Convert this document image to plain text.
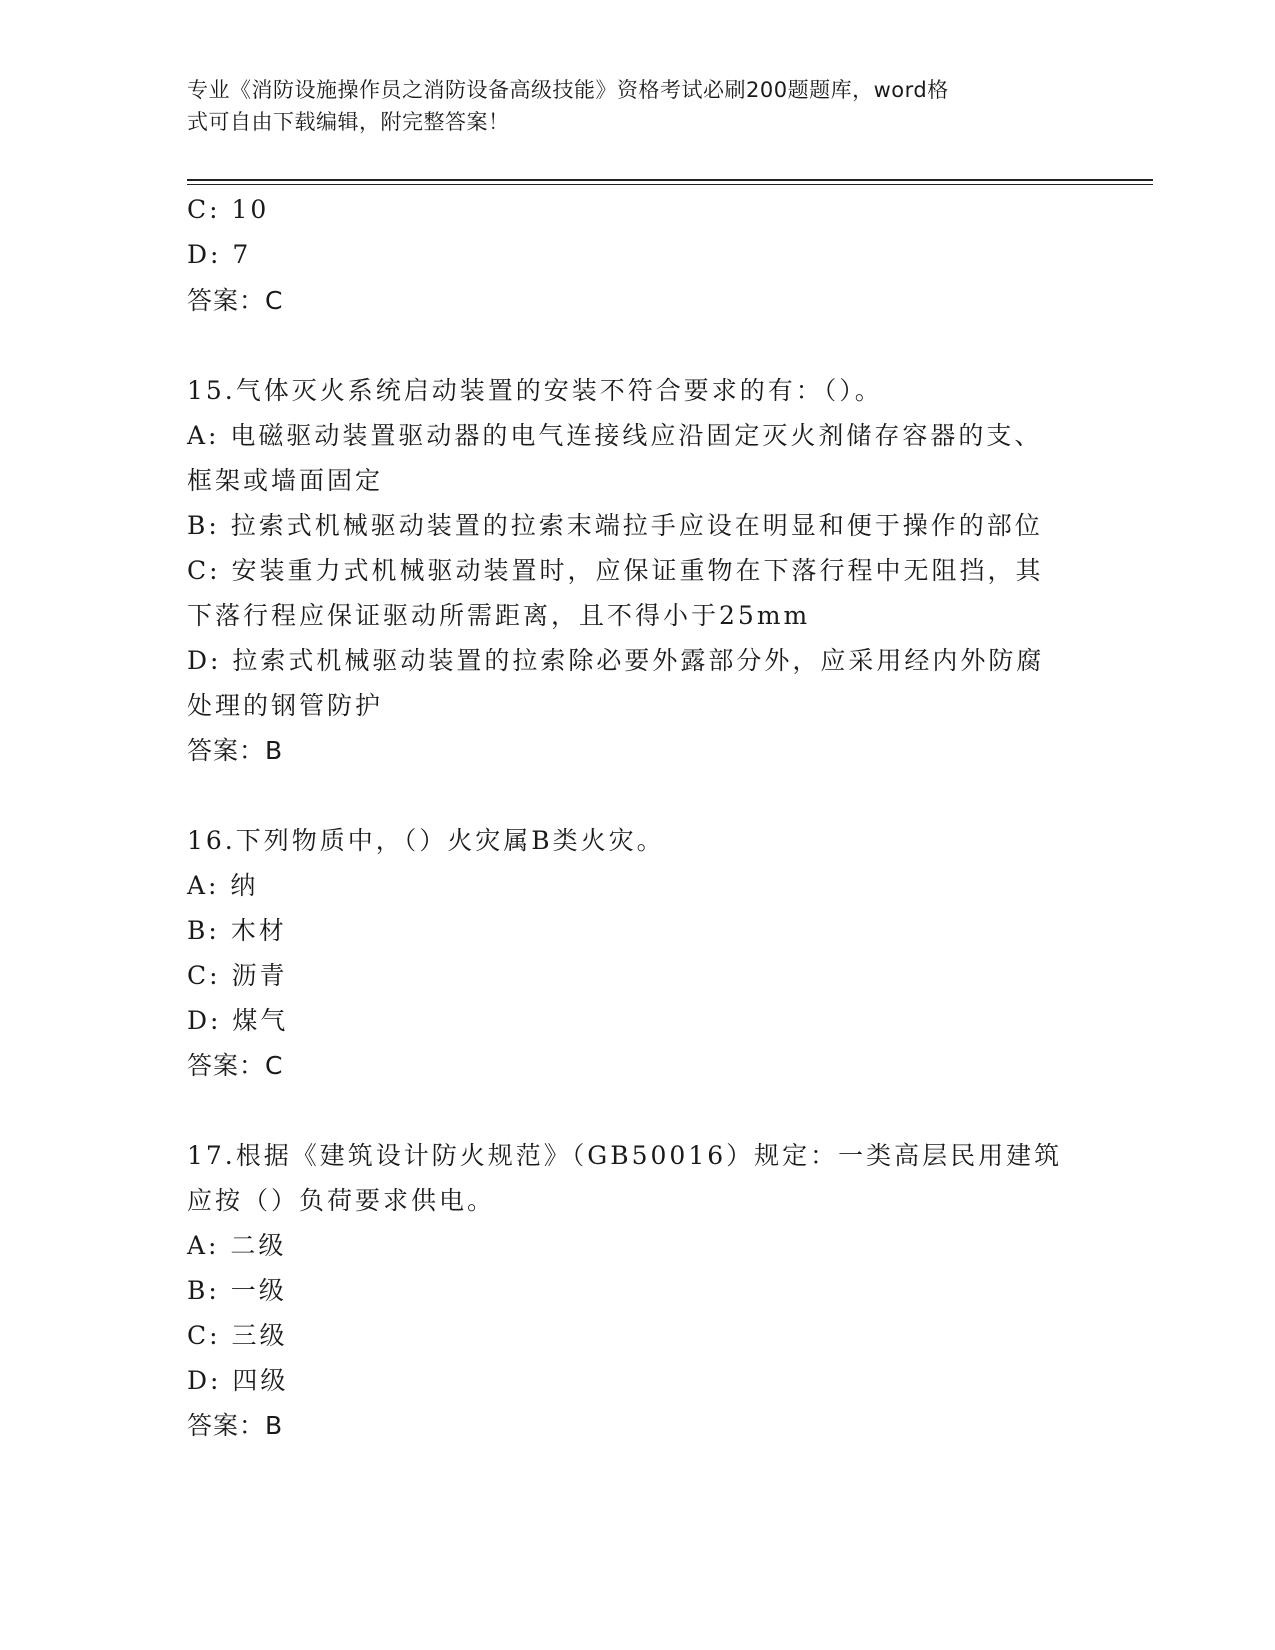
专业《消防设施操作员之消防设备高级技能》资格考试必刷200题题库，word格
式可自由下载编辑，附完整答案！
C: 10
D: 7
答案：C
15.气体灭火系统启动装置的安装不符合要求的有：（）。
A: 电磁驱动装置驱动器的电气连接线应沿固定灭火剂储存容器的支、
框架或墙面固定
B: 拉索式机械驱动装置的拉索末端拉手应设在明显和便于操作的部位
C: 安装重力式机械驱动装置时，应保证重物在下落行程中无阻挡，其
下落行程应保证驱动所需距离，且不得小于25mm
D: 拉索式机械驱动装置的拉索除必要外露部分外，应采用经内外防腐
处理的钢管防护
答案：B
16.下列物质中，（）火灾属B类火灾。
A: 纳
B: 木材
C: 沥青
D: 煤气
答案：C
17.根据《建筑设计防火规范》（GB50016）规定：一类高层民用建筑
应按（）负荷要求供电。
A: 二级
B: 一级
C: 三级
D: 四级
答案：B
